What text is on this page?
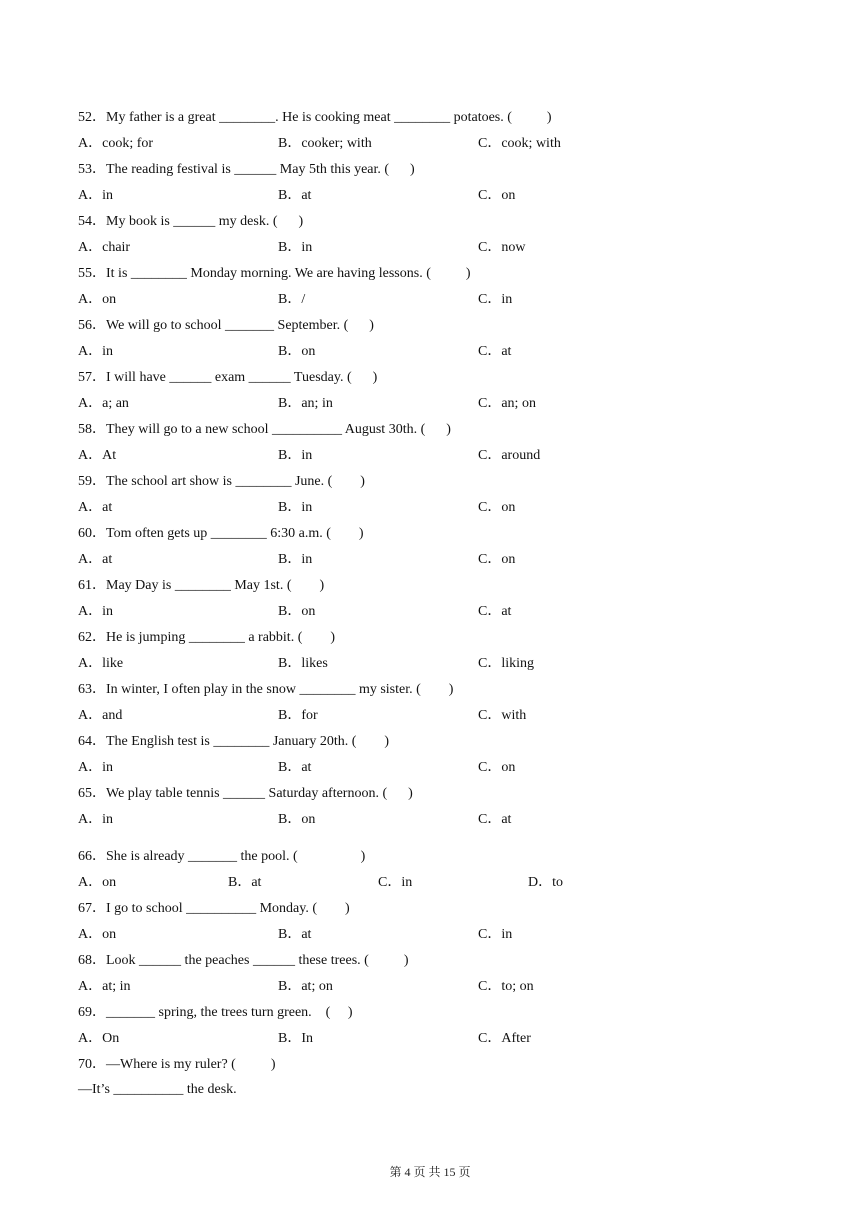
52．My father is a great ________. He is cooking meat ________ potatoes. (          )
A．cook; for	B．cooker; with	C．cook; with
53．The reading festival is ______ May 5th this year. (      )
A．in	B．at	C．on
54．My book is ______ my desk. (      )
A．chair	B．in	C．now
55．It is ________ Monday morning. We are having lessons. (          )
A．on	B．/	C．in
56．We will go to school _______ September. (      )
A．in	B．on	C．at
57．I will have ______ exam ______ Tuesday. (      )
A．a; an	B．an; in	C．an; on
58．They will go to a new school __________ August 30th. (      )
A．At	B．in	C．around
59．The school art show is ________ June. (        )
A．at	B．in	C．on
60．Tom often gets up ________ 6:30 a.m. (        )
A．at	B．in	C．on
61．May Day is ________ May 1st. (        )
A．in	B．on	C．at
62．He is jumping ________ a rabbit. (        )
A．like	B．likes	C．liking
63．In winter, I often play in the snow ________ my sister. (        )
A．and	B．for	C．with
64．The English test is ________ January 20th. (        )
A．in	B．at	C．on
65．We play table tennis ______ Saturday afternoon. (      )
A．in	B．on	C．at
66．She is already _______ the pool. (                  )
A．on	B．at	C．in	D．to
67．I go to school __________ Monday. (        )
A．on	B．at	C．in
68．Look ______ the peaches ______ these trees. (          )
A．at; in	B．at; on	C．to; on
69．_______ spring, the trees turn green.    (     )
A．On	B．In	C．After
70．—Where is my ruler? (          )
—It’s __________ the desk.
第 4 页 共 15 页
